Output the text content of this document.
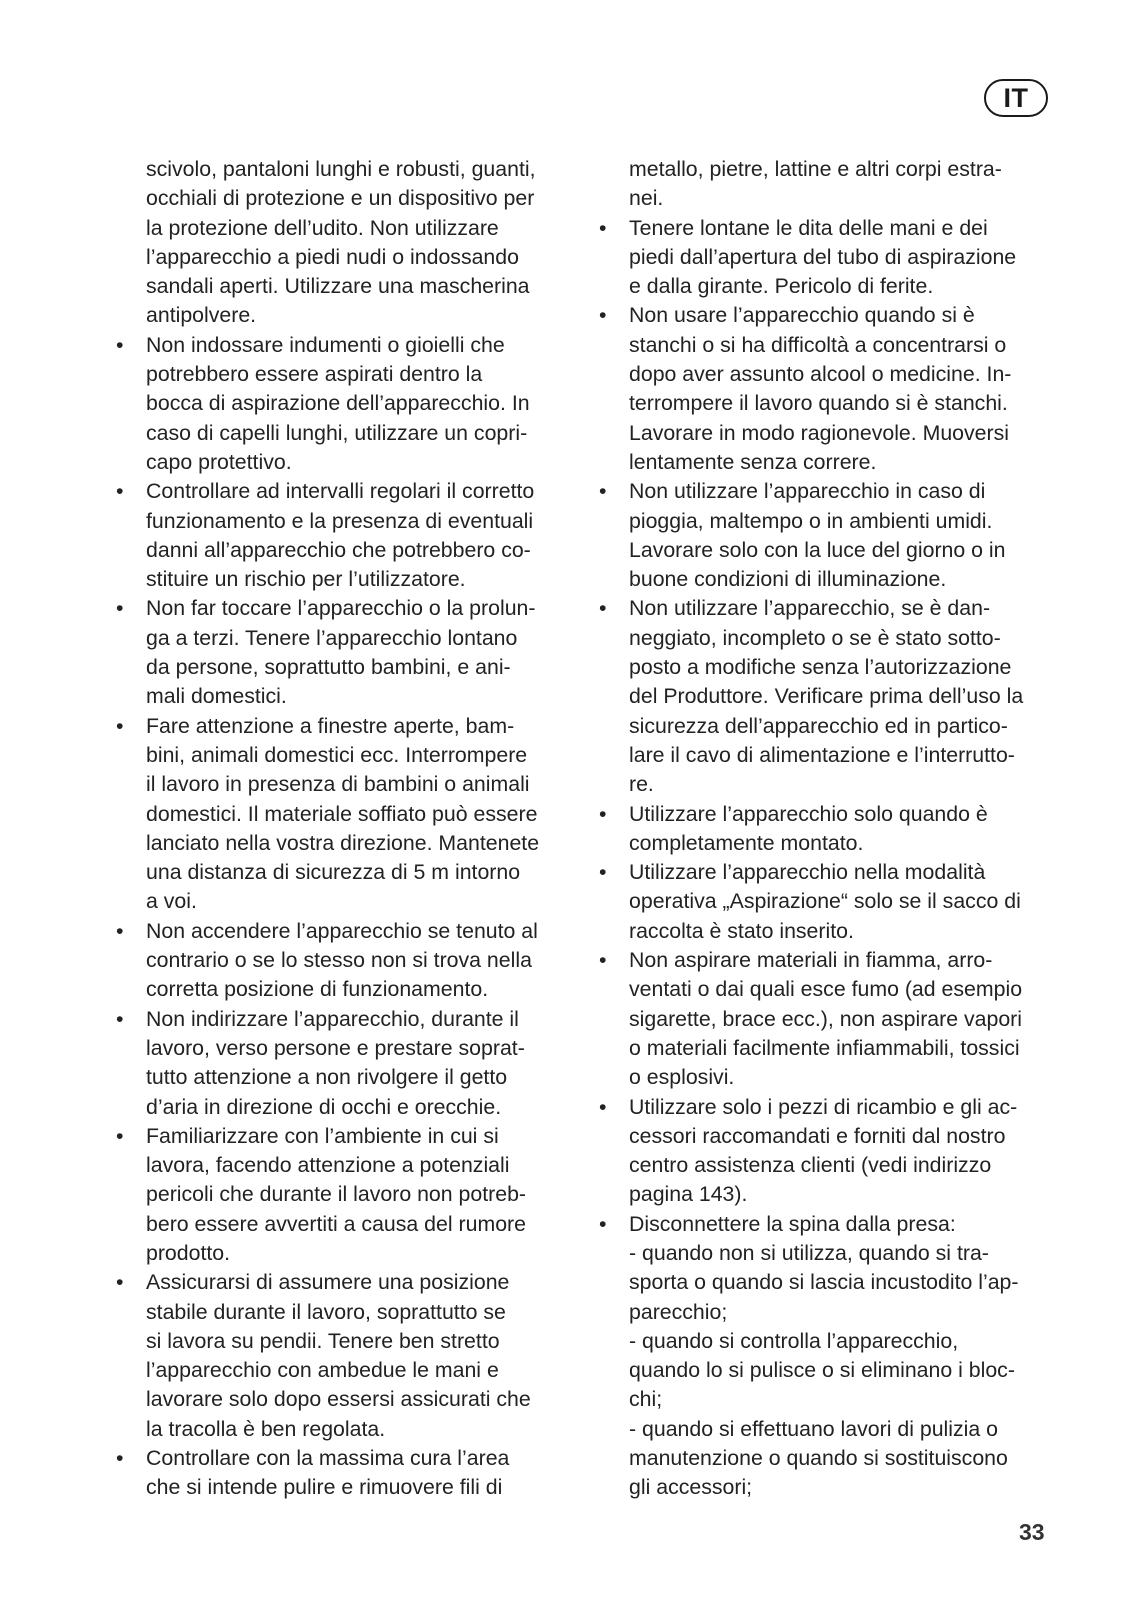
IT
scivolo, pantaloni lunghi e robusti, guanti,
occhiali di protezione e un dispositivo per
la protezione dell’udito. Non utilizzare
l’apparecchio a piedi nudi o indossando
sandali aperti. Utilizzare una mascherina
antipolvere.
•	Non indossare indumenti o gioielli che
potrebbero essere aspirati dentro la
bocca di aspirazione dell’apparecchio. In
caso di capelli lunghi, utilizzare un copri-
capo protettivo.
•	Controllare ad intervalli regolari il corretto
funzionamento e la presenza di eventuali
danni all’apparecchio che potrebbero co-
stituire un rischio per l’utilizzatore.
•	Non far toccare l’apparecchio o la prolun-
ga a terzi. Tenere l’apparecchio lontano
da persone, soprattutto bambini, e ani-
mali domestici.
•	Fare attenzione a finestre aperte, bam-
bini, animali domestici ecc. Interrompere
il lavoro in presenza di bambini o animali
domestici. Il materiale soffiato può essere
lanciato nella vostra direzione. Mantenete
una distanza di sicurezza di 5 m intorno
a voi.
•	Non accendere l’apparecchio se tenuto al
contrario o se lo stesso non si trova nella
corretta posizione di funzionamento.
•	Non indirizzare l’apparecchio, durante il
lavoro, verso persone e prestare soprat-
tutto attenzione a non rivolgere il getto
d’aria in direzione di occhi e orecchie.
•	Familiarizzare con l’ambiente in cui si
lavora, facendo attenzione a potenziali
pericoli che durante il lavoro non potreb-
bero essere avvertiti a causa del rumore
prodotto.
•	Assicurarsi di assumere una posizione
stabile durante il lavoro, soprattutto se
si lavora su pendii. Tenere ben stretto
l’apparecchio con ambedue le mani e
lavorare solo dopo essersi assicurati che
la tracolla è ben regolata.
•	Controllare con la massima cura l’area
che si intende pulire e rimuovere fili di
metallo, pietre, lattine e altri corpi estra-
nei.
•	Tenere lontane le dita delle mani e dei
piedi dall’apertura del tubo di aspirazione
e dalla girante. Pericolo di ferite.
•	Non usare l’apparecchio quando si è
stanchi o si ha difficoltà a concentrarsi o
dopo aver assunto alcool o medicine. In-
terrompere il lavoro quando si è stanchi.
Lavorare in modo ragionevole. Muoversi
lentamente senza correre.
•	Non utilizzare l’apparecchio in caso di
pioggia, maltempo o in ambienti umidi.
Lavorare solo con la luce del giorno o in
buone condizioni di illuminazione.
•	Non utilizzare l’apparecchio, se è dan-
neggiato, incompleto o se è stato sotto-
posto a modifiche senza l’autorizzazione
del Produttore. Verificare prima dell’uso la
sicurezza dell’apparecchio ed in partico-
lare il cavo di alimentazione e l’interrutto-
re.
•	Utilizzare l’apparecchio solo quando è
completamente montato.
•	Utilizzare l’apparecchio nella modalità
operativa „Aspirazione“ solo se il sacco di
raccolta è stato inserito.
•	Non aspirare materiali in fiamma, arro-
ventati o dai quali esce fumo (ad esempio
sigarette, brace ecc.), non aspirare vapori
o materiali facilmente infiammabili, tossici
o esplosivi.
•	Utilizzare solo i pezzi di ricambio e gli ac-
cessori raccomandati e forniti dal nostro
centro assistenza clienti (vedi indirizzo
pagina 143).
•	Disconnettere la spina dalla presa:
- quando non si utilizza, quando si tra-
sporta o quando si lascia incustodito l’ap-
parecchio;
- quando si controlla l’apparecchio,
quando lo si pulisce o si eliminano i bloc-
chi;
- quando si effettuano lavori di pulizia o
manutenzione o quando si sostituiscono
gli accessori;
33
